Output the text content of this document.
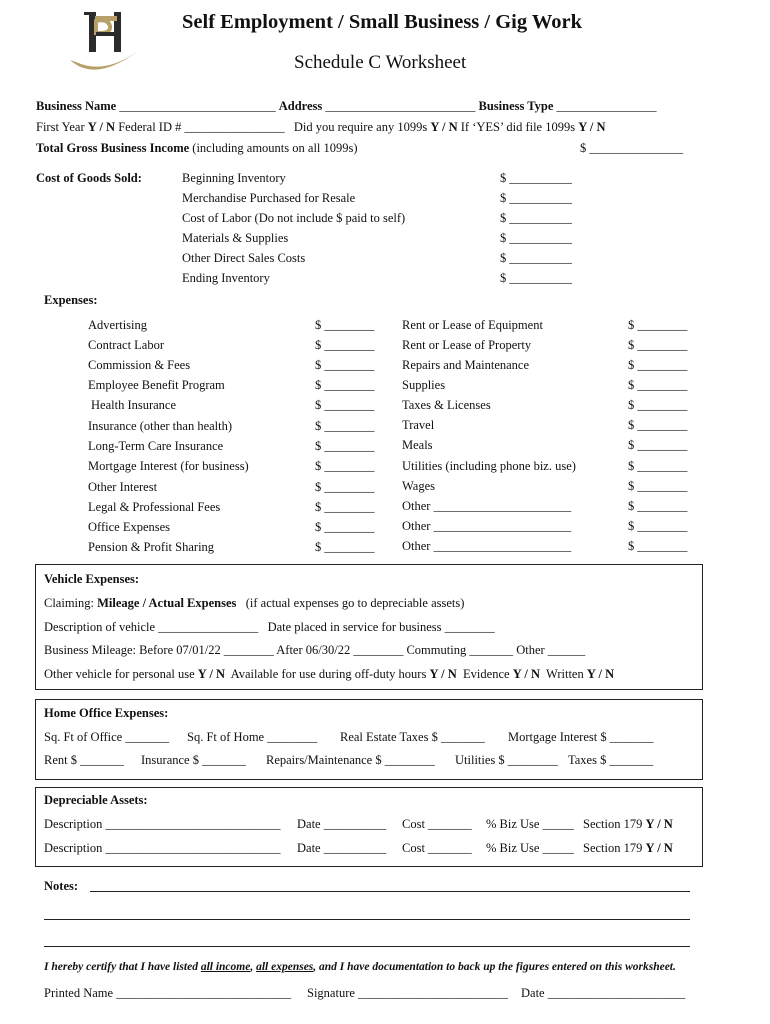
Self Employment / Small Business / Gig Work
Schedule C Worksheet
Business Name _________________________ Address ________________________ Business Type ________________
First Year Y / N Federal ID # ________________ Did you require any 1099s Y / N If ‘YES’ did file 1099s Y / N
Total Gross Business Income (including amounts on all 1099s)	$ _______________
Cost of Goods Sold:	Beginning Inventory
Merchandise Purchased for Resale
Cost of Labor (Do not include $ paid to self)
Materials & Supplies
Other Direct Sales Costs
Ending Inventory
$ __________
$ __________
$ __________
$ __________
$ __________
$ __________
Expenses:
Advertising
Contract Labor
Commission & Fees
Employee Benefit Program
Health Insurance
Insurance (other than health)
Long-Term Care Insurance
Mortgage Interest (for business)
Other Interest
Legal & Professional Fees
Office Expenses
Pension & Profit Sharing
$ ________
$ ________
$ ________
$ ________
$ ________
$ ________
$ ________
$ ________
$ ________
$ ________
$ ________
$ ________
Rent or Lease of Equipment
Rent or Lease of Property
Repairs and Maintenance
Supplies
Taxes & Licenses
Travel
Meals
Utilities (including phone biz. use)
Wages
Other ______________________
Other ______________________
Other ______________________
$ ________
$ ________
$ ________
$ ________
$ ________
$ ________
$ ________
$ ________
$ ________
$ ________
$ ________
$ ________
Vehicle Expenses:
Claiming: Mileage / Actual Expenses (if actual expenses go to depreciable assets)
Description of vehicle ________________ Date placed in service for business ________
Business Mileage: Before 07/01/22 ________ After 06/30/22 ________ Commuting _______ Other ______
Other vehicle for personal use Y / N Available for use during off-duty hours Y / N Evidence Y / N Written Y / N
Home Office Expenses:
Sq. Ft of Office _______ Sq. Ft of Home ________ Real Estate Taxes $ _______ Mortgage Interest $ _______
Rent $ _______ Insurance $ _______ Repairs/Maintenance $ ________ Utilities $ ________ Taxes $ _______
Depreciable Assets:
Description ____________________________ Date __________ Cost _______ % Biz Use _____ Section 179 Y / N
Description ____________________________ Date __________ Cost _______ % Biz Use _____ Section 179 Y / N
Notes:
I hereby certify that I have listed all income, all expenses, and I have documentation to back up the figures entered on this worksheet.
Printed Name ____________________________ Signature ________________________ Date ______________________
